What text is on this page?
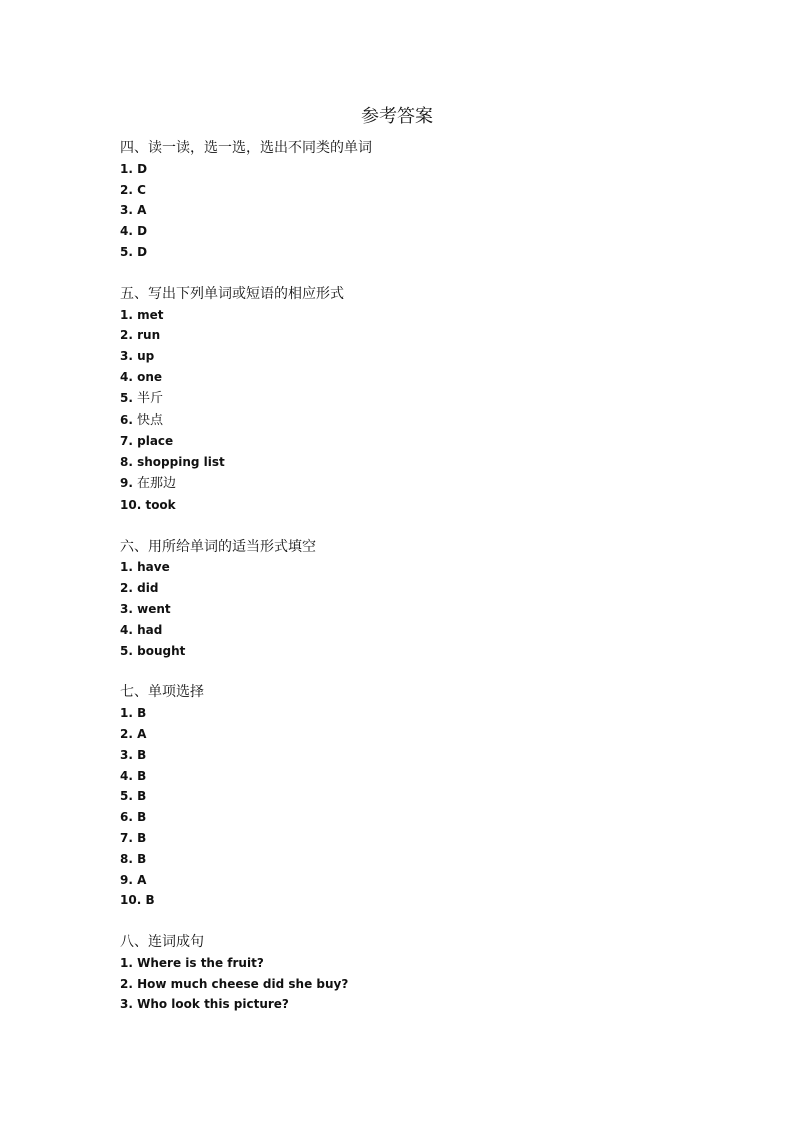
参考答案
四、读一读，选一选，选出不同类的单词
1. D
2. C
3. A
4. D
5. D
五、写出下列单词或短语的相应形式
1. met
2. run
3. up
4. one
5. 半斤
6. 快点
7. place
8. shopping list
9. 在那边
10. took
六、用所给单词的适当形式填空
1. have
2. did
3. went
4. had
5. bought
七、单项选择
1. B
2. A
3. B
4. B
5. B
6. B
7. B
8. B
9. A
10. B
八、连词成句
1. Where is the fruit?
2. How much cheese did she buy?
3. Who look this picture?
